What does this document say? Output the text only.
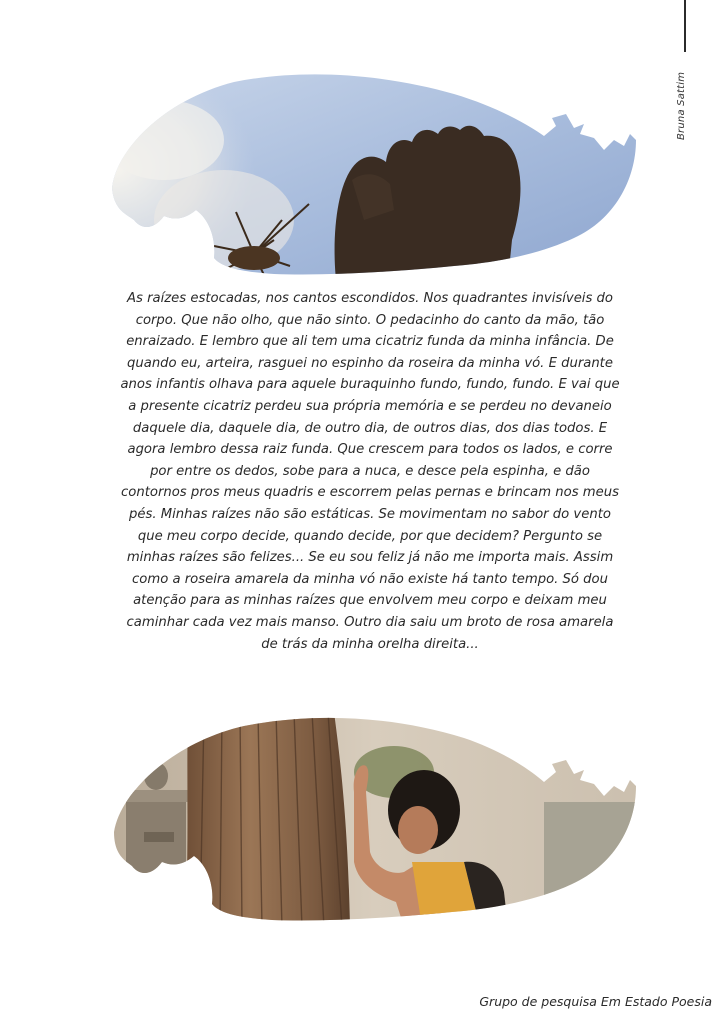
Bruna Sattim

As raízes estocadas, nos cantos escondidos. Nos quadrantes invisíveis do corpo. Que não olho, que não sinto. O pedacinho do canto da mão, tão enraizado. E lembro que ali tem uma cicatriz funda da minha infância. De quando eu, arteira, rasguei no espinho da roseira da minha vó. E durante anos infantis olhava para aquele buraquinho fundo, fundo, fundo. E vai que a presente cicatriz perdeu sua própria memória e se perdeu no devaneio daquele dia, daquele dia, de outro dia, de outros dias, dos dias todos. E agora lembro dessa raiz funda. Que crescem para todos os lados, e corre por entre os dedos, sobe para a nuca, e desce pela espinha, e dão contornos pros meus quadris e escorrem pelas pernas e brincam nos meus pés. Minhas raízes não são estáticas. Se movimentam no sabor do vento que meu corpo decide, quando decide, por que decidem? Pergunto se minhas raízes são felizes... Se eu sou feliz já não me importa mais. Assim como a roseira amarela da minha vó não existe há tanto tempo. Só dou atenção para as minhas raízes que envolvem meu corpo e deixam meu caminhar cada vez mais manso. Outro dia saiu um broto de rosa amarela de trás da minha orelha direita...

Grupo de pesquisa Em Estado Poesia
